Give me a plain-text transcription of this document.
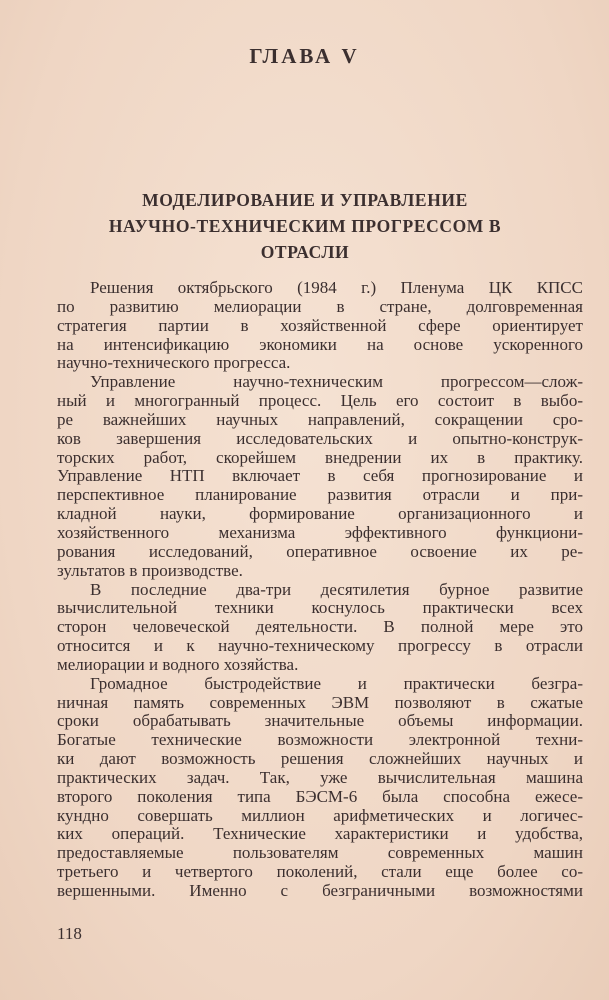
ГЛАВА V
МОДЕЛИРОВАНИЕ И УПРАВЛЕНИЕ
НАУЧНО-ТЕХНИЧЕСКИМ ПРОГРЕССОМ В
ОТРАСЛИ
Решения октябрьского (1984 г.) Пленума ЦК КПСС
по развитию мелиорации в стране, долговременная
стратегия партии в хозяйственной сфере ориентирует
на интенсификацию экономики на основе ускоренного
научно-технического прогресса.
Управление научно-техническим прогрессом—слож-
ный и многогранный процесс. Цель его состоит в выбо-
ре важнейших научных направлений, сокращении сро-
ков завершения исследовательских и опытно-конструк-
торских работ, скорейшем внедрении их в практику.
Управление НТП включает в себя прогнозирование и
перспективное планирование развития отрасли и при-
кладной науки, формирование организационного и
хозяйственного механизма эффективного функциони-
рования исследований, оперативное освоение их ре-
зультатов в производстве.
В последние два-три десятилетия бурное развитие
вычислительной техники коснулось практически всех
сторон человеческой деятельности. В полной мере это
относится и к научно-техническому прогрессу в отрасли
мелиорации и водного хозяйства.
Громадное быстродействие и практически безгра-
ничная память современных ЭВМ позволяют в сжатые
сроки обрабатывать значительные объемы информации.
Богатые технические возможности электронной техни-
ки дают возможность решения сложнейших научных и
практических задач. Так, уже вычислительная машина
второго поколения типа БЭСМ-6 была способна ежесе-
кундно совершать миллион арифметических и логичес-
ких операций. Технические характеристики и удобства,
предоставляемые пользователям современных машин
третьего и четвертого поколений, стали еще более со-
вершенными. Именно с безграничными возможностями
118
